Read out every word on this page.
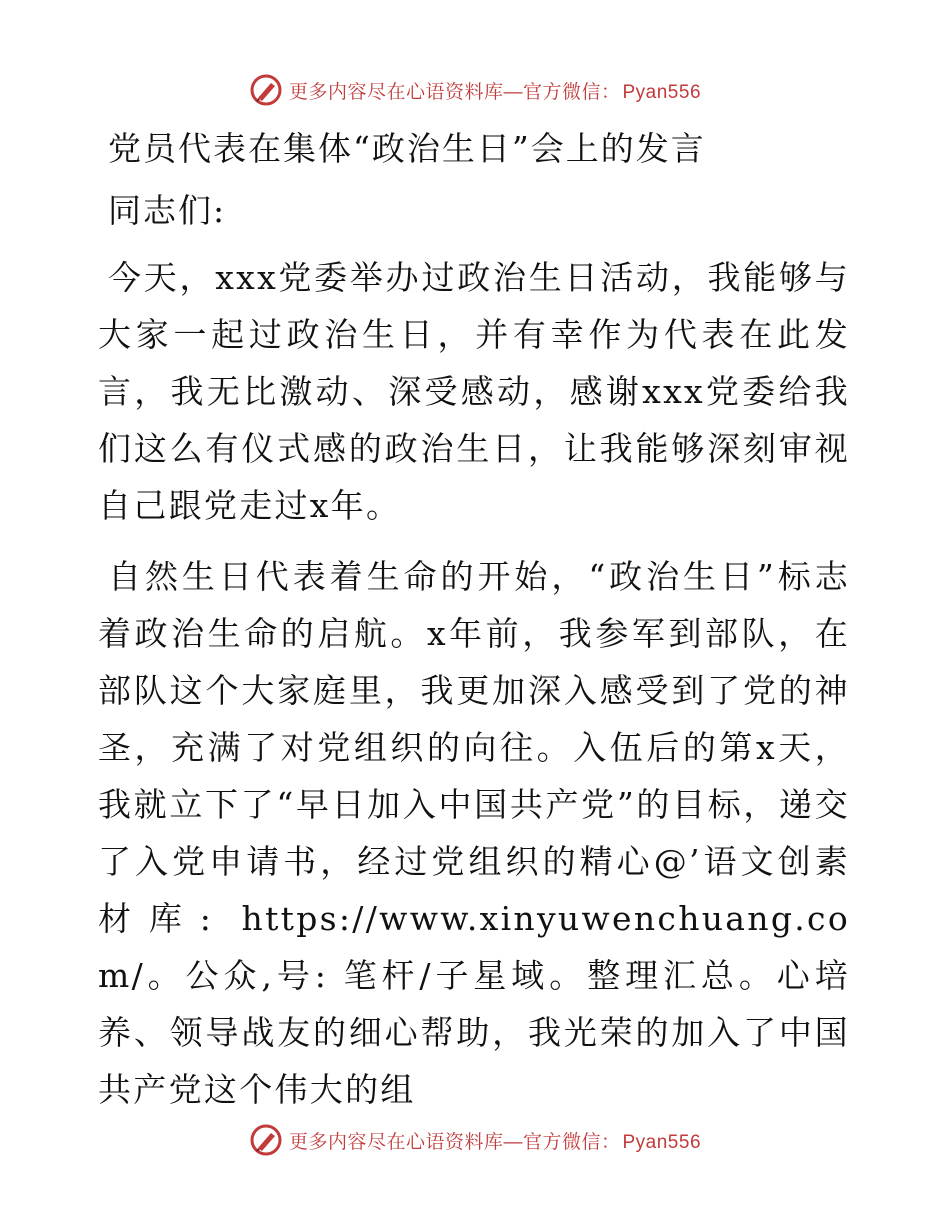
更多内容尽在心语资料库—官方微信： Pyan556
党员代表在集体“政治生日”会上的发言

同志们:

今天，xxx党委举办过政治生日活动，我能够与大家一起过政治生日，并有幸作为代表在此发言，我无比激动、深受感动，感谢xxx党委给我们这么有仪式感的政治生日，让我能够深刻审视自己跟党走过x年。

自然生日代表着生命的开始，“政治生日”标志着政治生命的启航。x年前，我参军到部队，在部队这个大家庭里，我更加深入感受到了党的神圣，充满了对党组织的向往。入伍后的第x天，我就立下了“早日加入中国共产党”的目标，递交了入党申请书，经过党组织的精心@’语文创素材库: https://www.xinyuwenchuang.com/。公众,号: 笔杆/子星域。整理汇总。心培养、领导战友的细心帮助，我光荣的加入了中国共产党这个伟大的组

更多内容尽在心语资料库—官方微信： Pyan556
